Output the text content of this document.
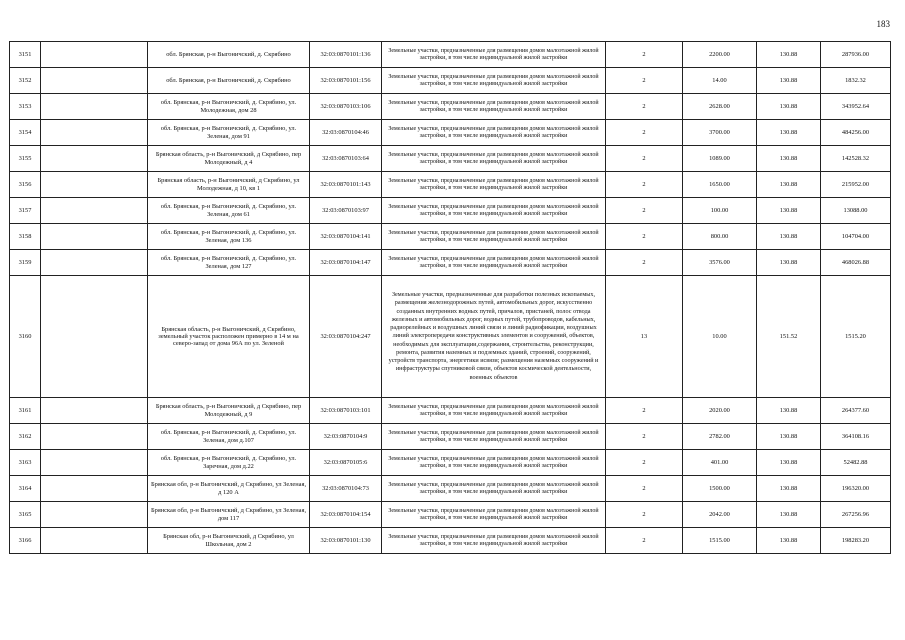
183
3151		обл. Брянская, р-н Выгоничский, д. Скрябино	32:03:0870101:136	Земельные участки, предназначенные для размещения домов малоэтажной жилой застройки, в том числе индивидуальной жилой застройки	2	2200.00	130.88	287936.00
3152		обл. Брянская, р-н Выгоничский, д. Скрябино	32:03:0870101:156	Земельные участки, предназначенные для размещения домов малоэтажной жилой застройки, в том числе индивидуальной жилой застройки	2	14.00	130.88	1832.32
3153		обл. Брянская, р-н Выгоничский, д. Скрябино, ул. Молодежная, дом 28	32:03:0870103:106	Земельные участки, предназначенные для размещения домов малоэтажной жилой застройки, в том числе индивидуальной жилой застройки	2	2628.00	130.88	343952.64
3154		обл. Брянская, р-н Выгоничский, д. Скрябино, ул. Зеленая, дом 91	32:03:0870104:46	Земельные участки, предназначенные для размещения домов малоэтажной жилой застройки, в том числе индивидуальной жилой застройки	2	3700.00	130.88	484256.00
3155		Брянская область, р-н Выгоничский, д Скрябино, пер Молодежный, д 4	32:03:0870103:64	Земельные участки, предназначенные для размещения домов малоэтажной жилой застройки, в том числе индивидуальной жилой застройки	2	1089.00	130.88	142528.32
3156		Брянская область, р-н Выгоничский, д Скрябино, ул Молодежная, д 10, кв 1	32:03:0870101:143	Земельные участки, предназначенные для размещения домов малоэтажной жилой застройки, в том числе индивидуальной жилой застройки	2	1650.00	130.88	215952.00
3157		обл. Брянская, р-н Выгоничский, д. Скрябино, ул. Зеленая, дом 61	32:03:0870103:97	Земельные участки, предназначенные для размещения домов малоэтажной жилой застройки, в том числе индивидуальной жилой застройки	2	100.00	130.88	13088.00
3158		обл. Брянская, р-н Выгоничский, д. Скрябино, ул. Зеленая, дом 136	32:03:0870104:141	Земельные участки, предназначенные для размещения домов малоэтажной жилой застройки, в том числе индивидуальной жилой застройки	2	800.00	130.88	104704.00
3159		обл. Брянская, р-н Выгоничский, д. Скрябино, ул. Зеленая, дом 127	32:03:0870104:147	Земельные участки, предназначенные для размещения домов малоэтажной жилой застройки, в том числе индивидуальной жилой застройки	2	3576.00	130.88	468026.88
3160		Брянская область, р-н Выгоничский, д Скрябино, земельный участок расположен примерно в 14 м на северо-запад от дома 96А по ул. Зеленой	32:03:0870104:247	Земельные участки, предназначенные для разработки полезных ископаемых, размещения железнодорожных путей, автомобильных дорог, искусственно созданных внутренних водных путей, причалов, пристаней, полос отвода железных и автомобильных дорог, водных путей, трубопроводов, кабельных, радиорелейных и воздушных линий связи и линий радиофикации, воздушных линий электропередачи конструктивных элементов и сооружений, объектов, необходимых для эксплуатации,содержания, строительства, реконструкции, ремонта, развития наземных и подземных зданий, строений, сооружений, устройств транспорта, энергетики исвязи; размещения наземных сооружений и инфраструктуры спутниковой связи, объектов космической деятельности, военных объектов	13	10.00	151.52	1515.20
3161		Брянская область, р-н Выгоничский, д Скрябино, пер Молодежный, д 9	32:03:0870103:101	Земельные участки, предназначенные для размещения домов малоэтажной жилой застройки, в том числе индивидуальной жилой застройки	2	2020.00	130.88	264377.60
3162		обл. Брянская, р-н Выгоничский, д. Скрябино, ул. Зеленая, дом д.107	32:03:0870104:9	Земельные участки, предназначенные для размещения домов малоэтажной жилой застройки, в том числе индивидуальной жилой застройки	2	2782.00	130.88	364108.16
3163		обл. Брянская, р-н Выгоничский, д. Скрябино, ул. Заречная, дом д.22	32:03:0870105:6	Земельные участки, предназначенные для размещения домов малоэтажной жилой застройки, в том числе индивидуальной жилой застройки	2	401.00	130.88	52482.88
3164		Брянская обл, р-н Выгоничский, д Скрябино, ул Зеленая, д 120 А	32:03:0870104:73	Земельные участки, предназначенные для размещения домов малоэтажной жилой застройки, в том числе индивидуальной жилой застройки	2	1500.00	130.88	196320.00
3165		Брянская обл, р-н Выгоничский, д Скрябино, ул Зеленая, дом 117	32:03:0870104:154	Земельные участки, предназначенные для размещения домов малоэтажной жилой застройки, в том числе индивидуальной жилой застройки	2	2042.00	130.88	267256.96
3166		Брянская обл, р-н Выгоничский, д Скрябино, ул Школьная, дом 2	32:03:0870101:130	Земельные участки, предназначенные для размещения домов малоэтажной жилой застройки, в том числе индивидуальной жилой застройки	2	1515.00	130.88	198283.20
